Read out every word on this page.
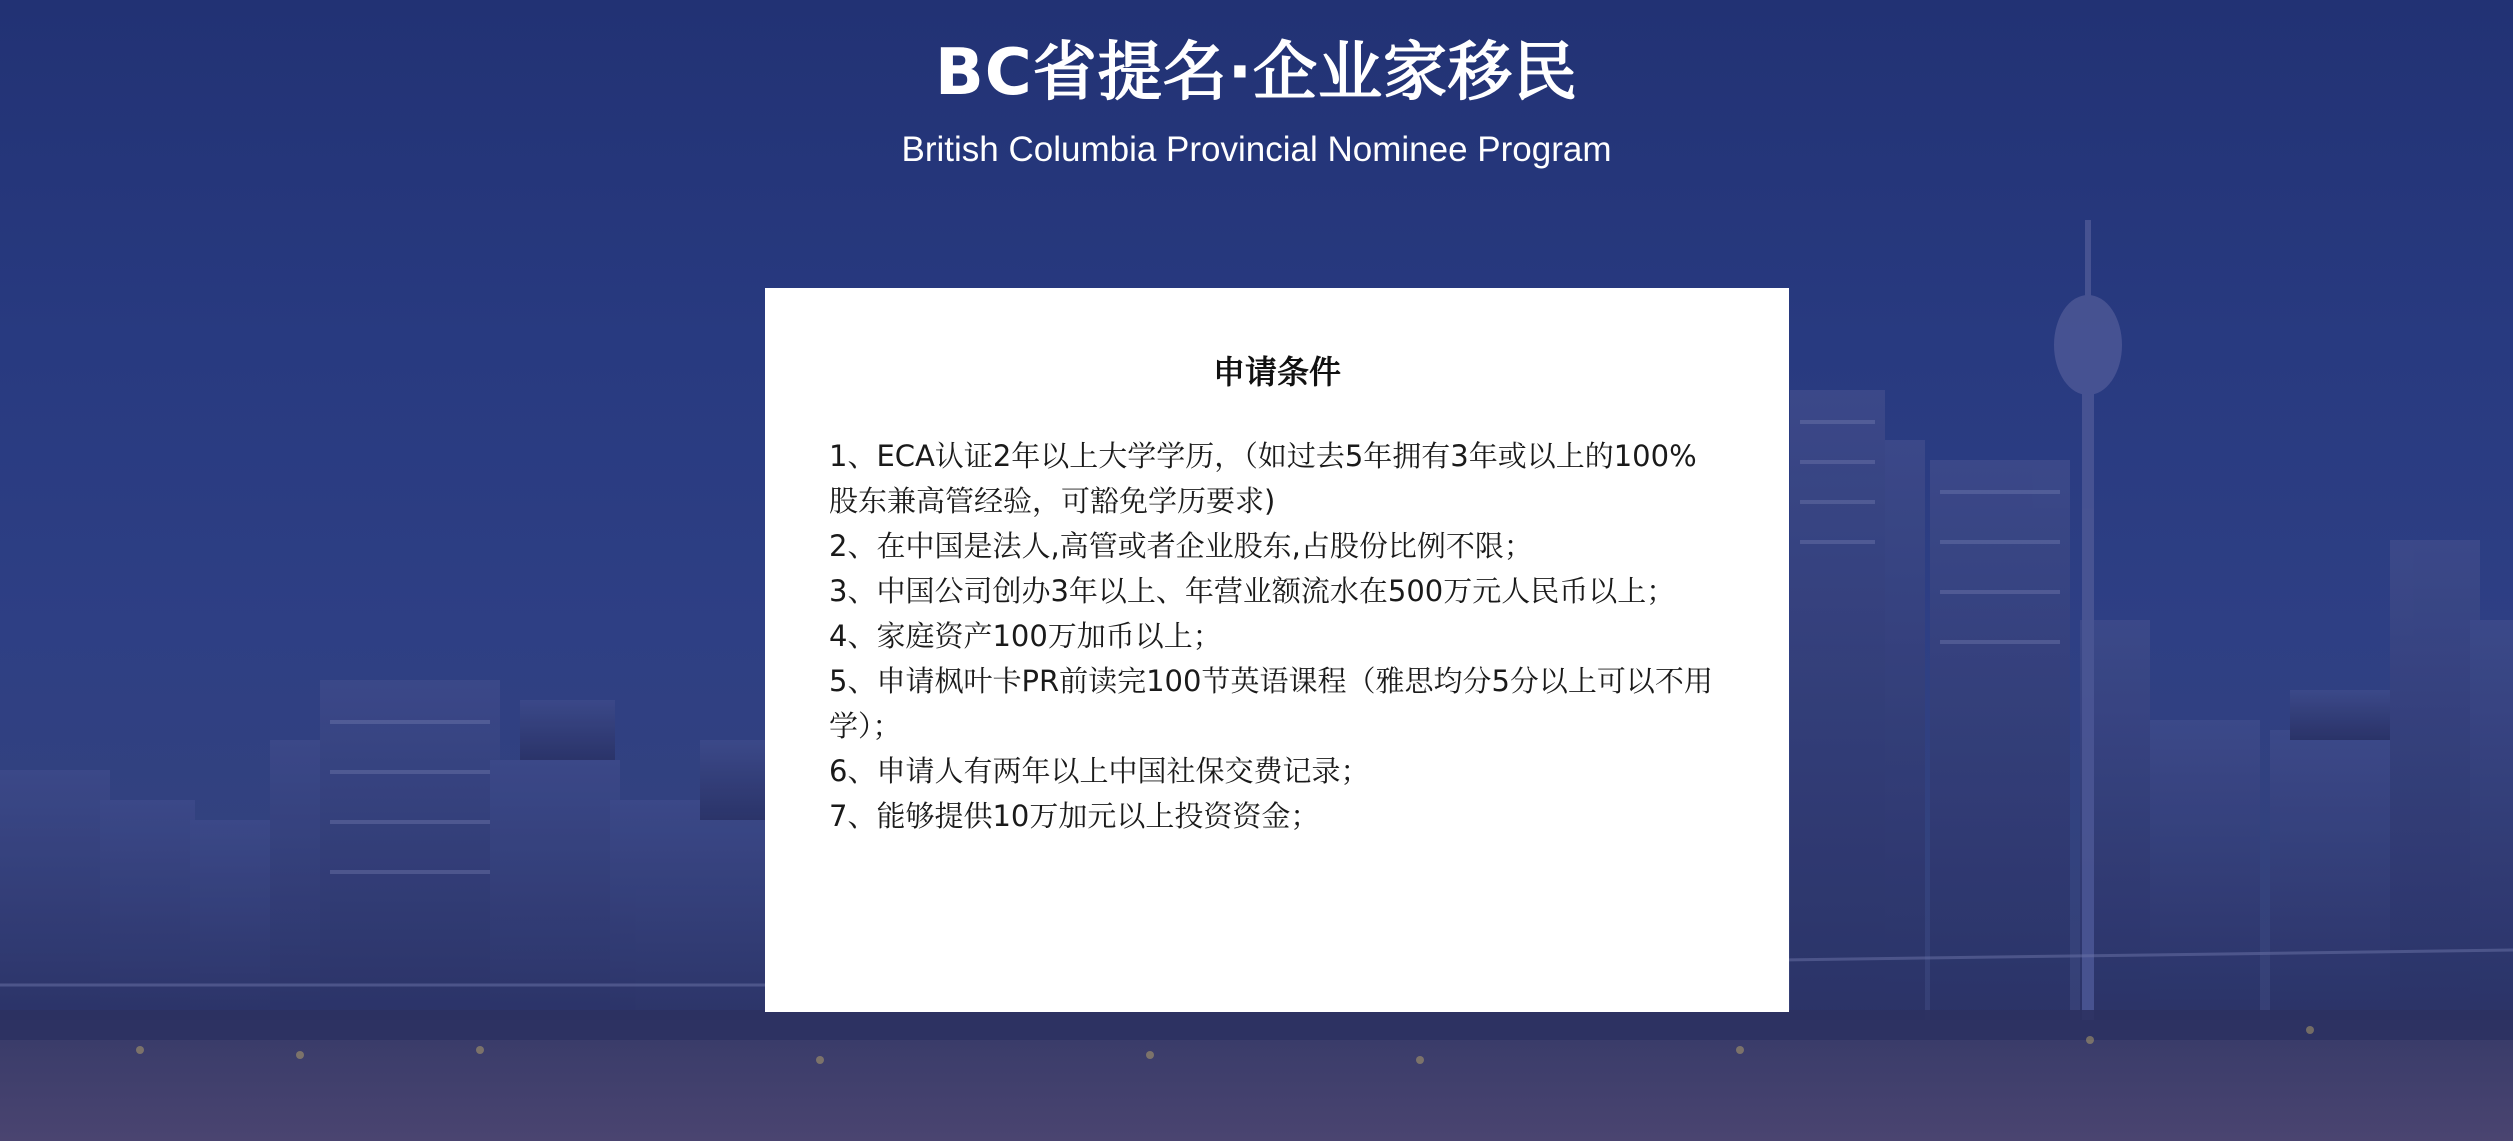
BC省提名·企业家移民
British Columbia Provincial Nominee Program
申请条件
1、ECA认证2年以上大学学历，（如过去5年拥有3年或以上的100%股东兼高管经验，可豁免学历要求)
2、在中国是法人,高管或者企业股东,占股份比例不限；
3、中国公司创办3年以上、年营业额流水在500万元人民币以上；
4、家庭资产100万加币以上；
5、申请枫叶卡PR前读完100节英语课程（雅思均分5分以上可以不用学）；
6、申请人有两年以上中国社保交费记录；
7、能够提供10万加元以上投资资金；
